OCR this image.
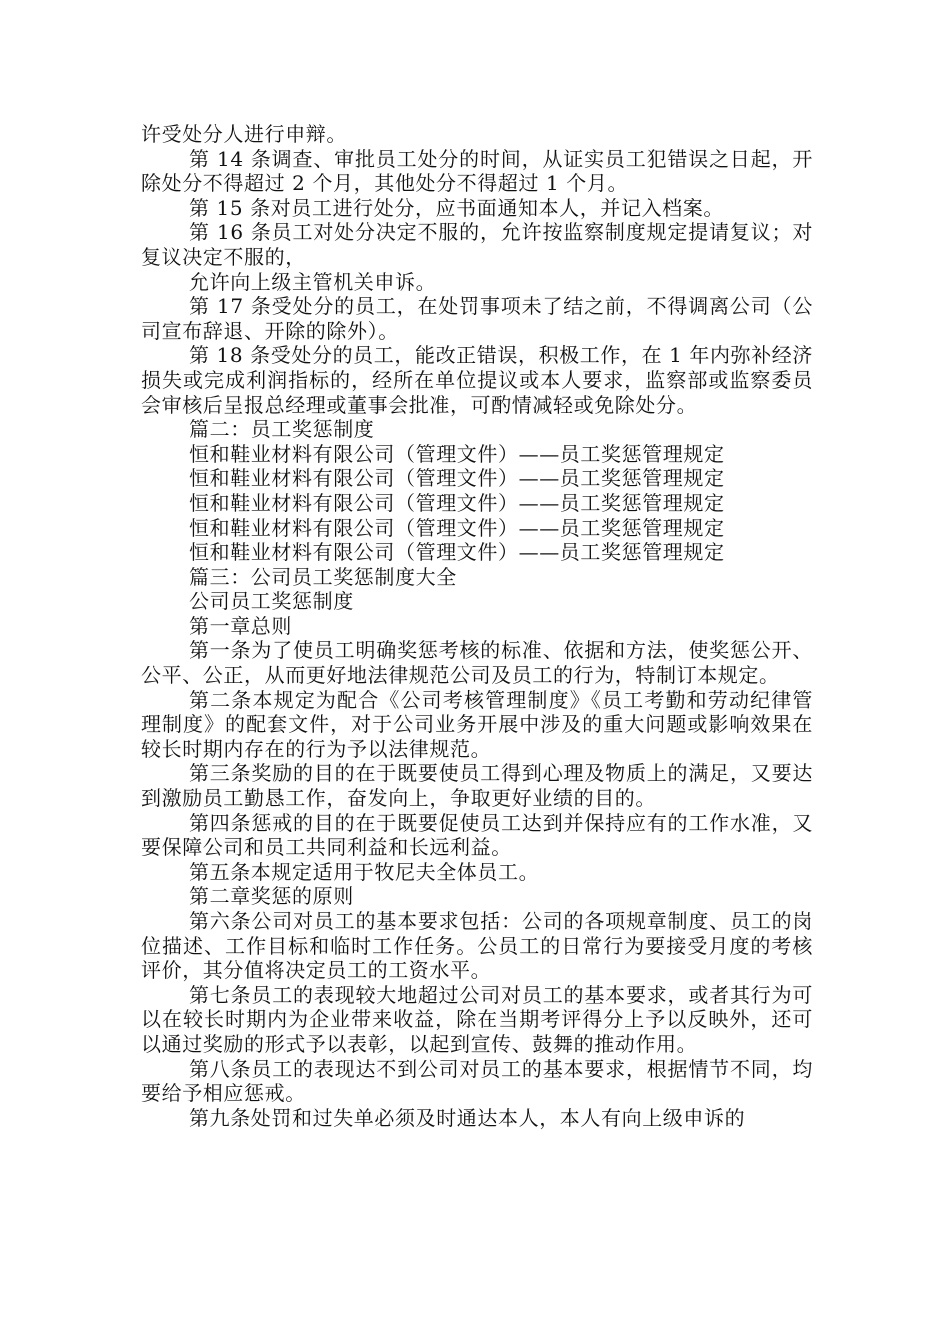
许受处分人进行申辩。

第 14 条调查、审批员工处分的时间，从证实员工犯错误之日起，开除处分不得超过 2 个月，其他处分不得超过 1 个月。

第 15 条对员工进行处分，应书面通知本人，并记入档案。

第 16 条员工对处分决定不服的，允许按监察制度规定提请复议；对复议决定不服的，

允许向上级主管机关申诉。

第 17 条受处分的员工，在处罚事项未了结之前，不得调离公司（公司宣布辞退、开除的除外）。

第 18 条受处分的员工，能改正错误，积极工作，在 1 年内弥补经济损失或完成利润指标的，经所在单位提议或本人要求，监察部或监察委员会审核后呈报总经理或董事会批准，可酌情减轻或免除处分。

篇二：员工奖惩制度

恒和鞋业材料有限公司（管理文件）——员工奖惩管理规定

恒和鞋业材料有限公司（管理文件）——员工奖惩管理规定

恒和鞋业材料有限公司（管理文件）——员工奖惩管理规定

恒和鞋业材料有限公司（管理文件）——员工奖惩管理规定

恒和鞋业材料有限公司（管理文件）——员工奖惩管理规定

篇三：公司员工奖惩制度大全

公司员工奖惩制度

第一章总则

第一条为了使员工明确奖惩考核的标准、依据和方法，使奖惩公开、公平、公正，从而更好地法律规范公司及员工的行为，特制订本规定。

第二条本规定为配合《公司考核管理制度》《员工考勤和劳动纪律管理制度》的配套文件，对于公司业务开展中涉及的重大问题或影响效果在较长时期内存在的行为予以法律规范。

第三条奖励的目的在于既要使员工得到心理及物质上的满足，又要达到激励员工勤恳工作，奋发向上，争取更好业绩的目的。

第四条惩戒的目的在于既要促使员工达到并保持应有的工作水准，又要保障公司和员工共同利益和长远利益。

第五条本规定适用于牧尼夫全体员工。

第二章奖惩的原则

第六条公司对员工的基本要求包括：公司的各项规章制度、员工的岗位描述、工作目标和临时工作任务。公员工的日常行为要接受月度的考核评价，其分值将决定员工的工资水平。

第七条员工的表现较大地超过公司对员工的基本要求，或者其行为可以在较长时期内为企业带来收益，除在当期考评得分上予以反映外，还可以通过奖励的形式予以表彰，以起到宣传、鼓舞的推动作用。

第八条员工的表现达不到公司对员工的基本要求，根据情节不同，均要给予相应惩戒。

第九条处罚和过失单必须及时通达本人，本人有向上级申诉的
